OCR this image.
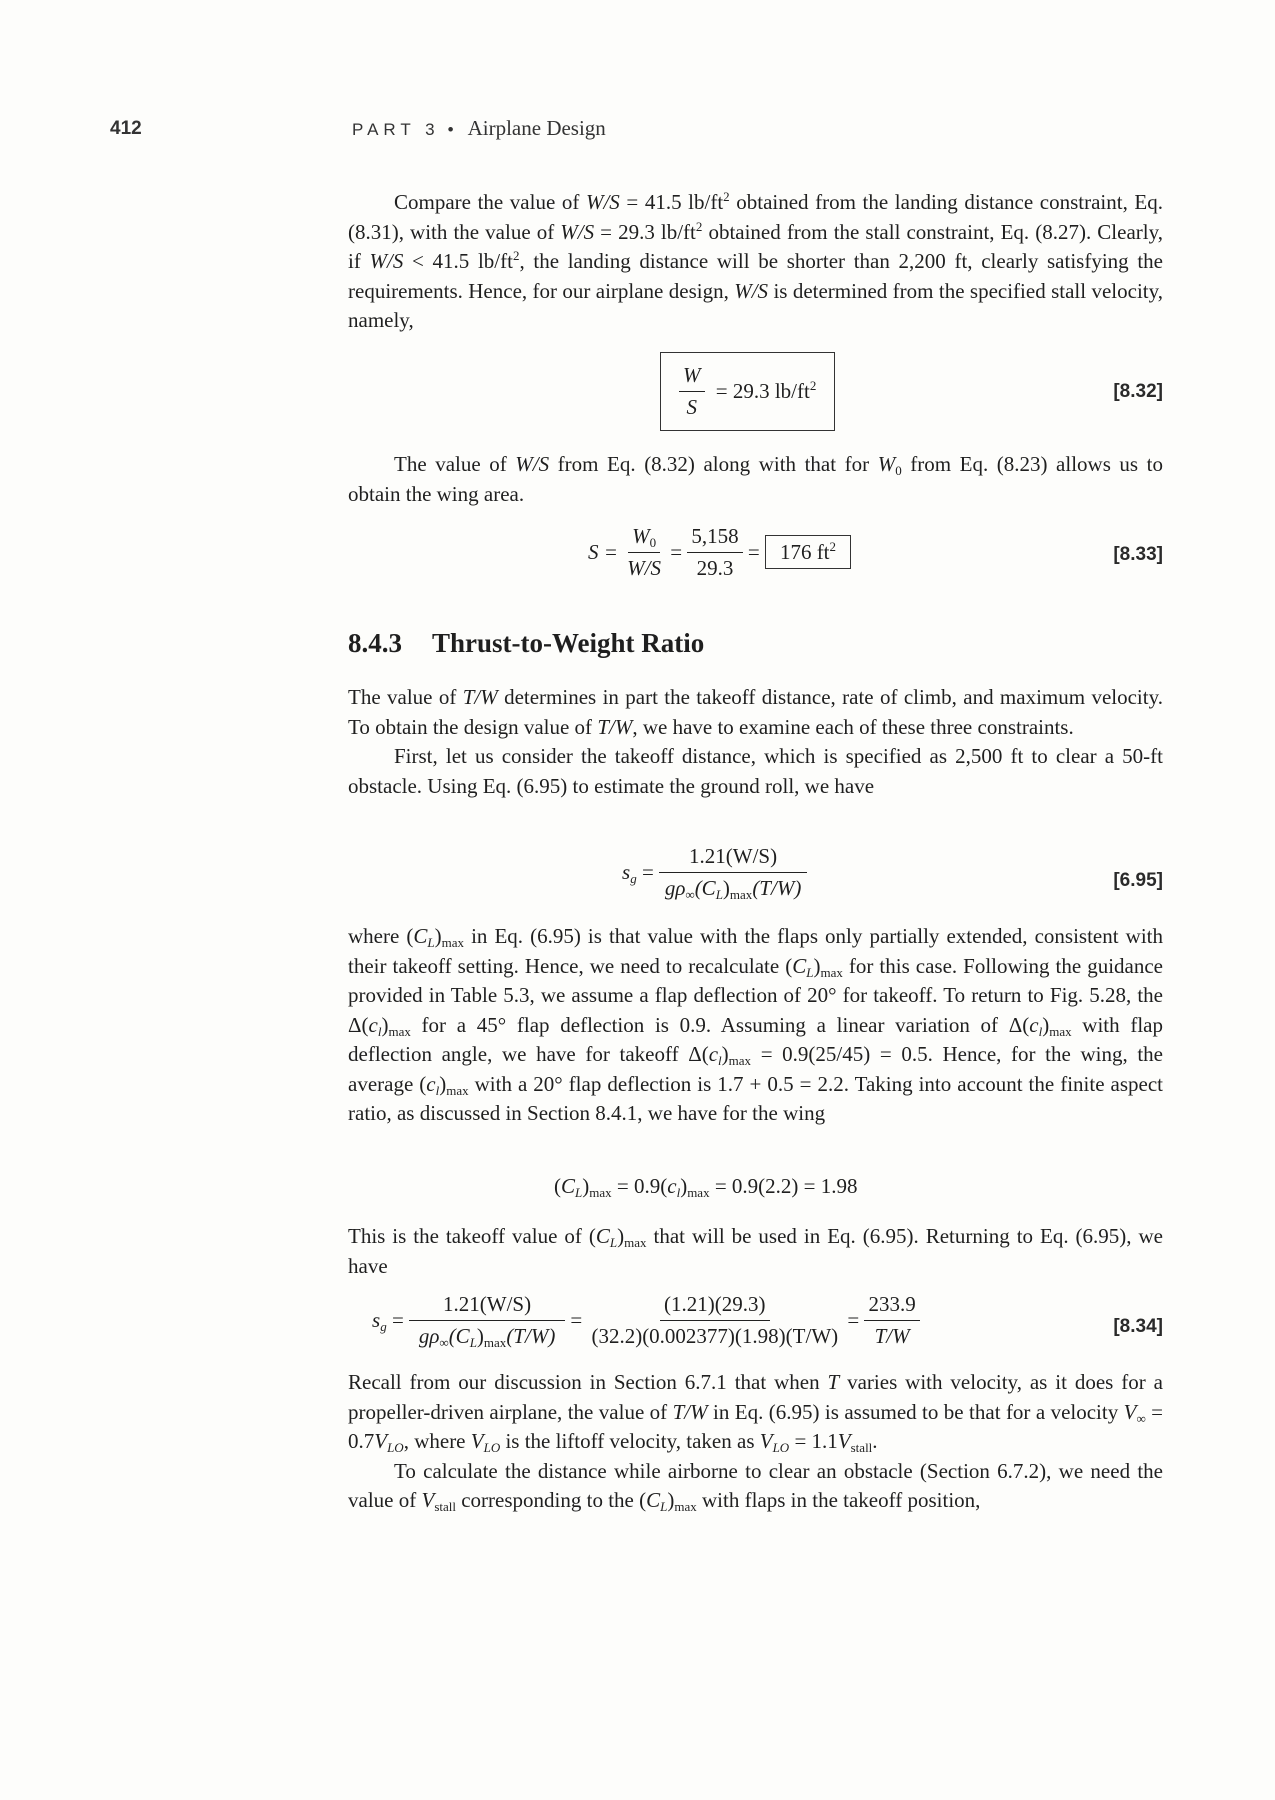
412	PART 3 • Airplane Design

Compare the value of W/S = 41.5 $lb/ft^2$ obtained from the landing distance constraint, Eq. (8.31), with the value of W/S = 29.3 $lb/ft^2$ obtained from the stall constraint, Eq. (8.27). Clearly, if W/S < 41.5 $lb/ft^2$, the landing distance will be shorter than 2,200 ft, clearly satisfying the requirements. Hence, for our airplane design, W/S is determined from the specified stall velocity, namely,

$\frac{W}{S} = 29.3$ $lb/ft^2$	[8.32]

The value of W/S from Eq. (8.32) along with that for $W_0$ from Eq. (8.23) allows us to obtain the wing area.

$S = \frac{W_0}{W/S} = \frac{5,158}{29.3} = 176$ $ft^2$	[8.33]
8.4.3 Thrust-to-Weight Ratio

The value of T/W determines in part the takeoff distance, rate of climb, and maximum velocity. To obtain the design value of T/W, we have to examine each of these three constraints.

First, let us consider the takeoff distance, which is specified as 2,500 ft to clear a 50-ft obstacle. Using Eq. (6.95) to estimate the ground roll, we have

$s_g = \frac{1.21(W/S)}{g\rho_\infty(C_L)_{max}(T/W)}$	[6.95]

where $(C_L)_{max}$ in Eq. (6.95) is that value with the flaps only partially extended, consistent with their takeoff setting. Hence, we need to recalculate $(C_L)_{max}$ for this case. Following the guidance provided in Table 5.3, we assume a flap deflection of 20° for takeoff. To return to Fig. 5.28, the $\Delta(c_l)_{max}$ for a 45° flap deflection is 0.9. Assuming a linear variation of $\Delta(c_l)_{max}$ with flap deflection angle, we have for takeoff $\Delta(c_l)_{max} = 0.9(25/45) = 0.5$. Hence, for the wing, the average $(c_l)_{max}$ with a 20° flap deflection is 1.7 + 0.5 = 2.2. Taking into account the finite aspect ratio, as discussed in Section 8.4.1, we have for the wing

$(C_L)_{max} = 0.9(c_l)_{max} = 0.9(2.2) = 1.98$

This is the takeoff value of $(C_L)_{max}$ that will be used in Eq. (6.95). Returning to Eq. (6.95), we have

$s_g = \frac{1.21(W/S)}{g\rho_\infty(C_L)_{max}(T/W)} = \frac{(1.21)(29.3)}{(32.2)(0.002377)(1.98)(T/W)} = \frac{233.9}{T/W}$	[8.34]

Recall from our discussion in Section 6.7.1 that when T varies with velocity, as it does for a propeller-driven airplane, the value of T/W in Eq. (6.95) is assumed to be that for a velocity $V_\infty = 0.7V_{LO}$, where $V_{LO}$ is the liftoff velocity, taken as $V_{LO} = 1.1V_{stall}$.

To calculate the distance while airborne to clear an obstacle (Section 6.7.2), we need the value of $V_{stall}$ corresponding to the $(C_L)_{max}$ with flaps in the takeoff position,
